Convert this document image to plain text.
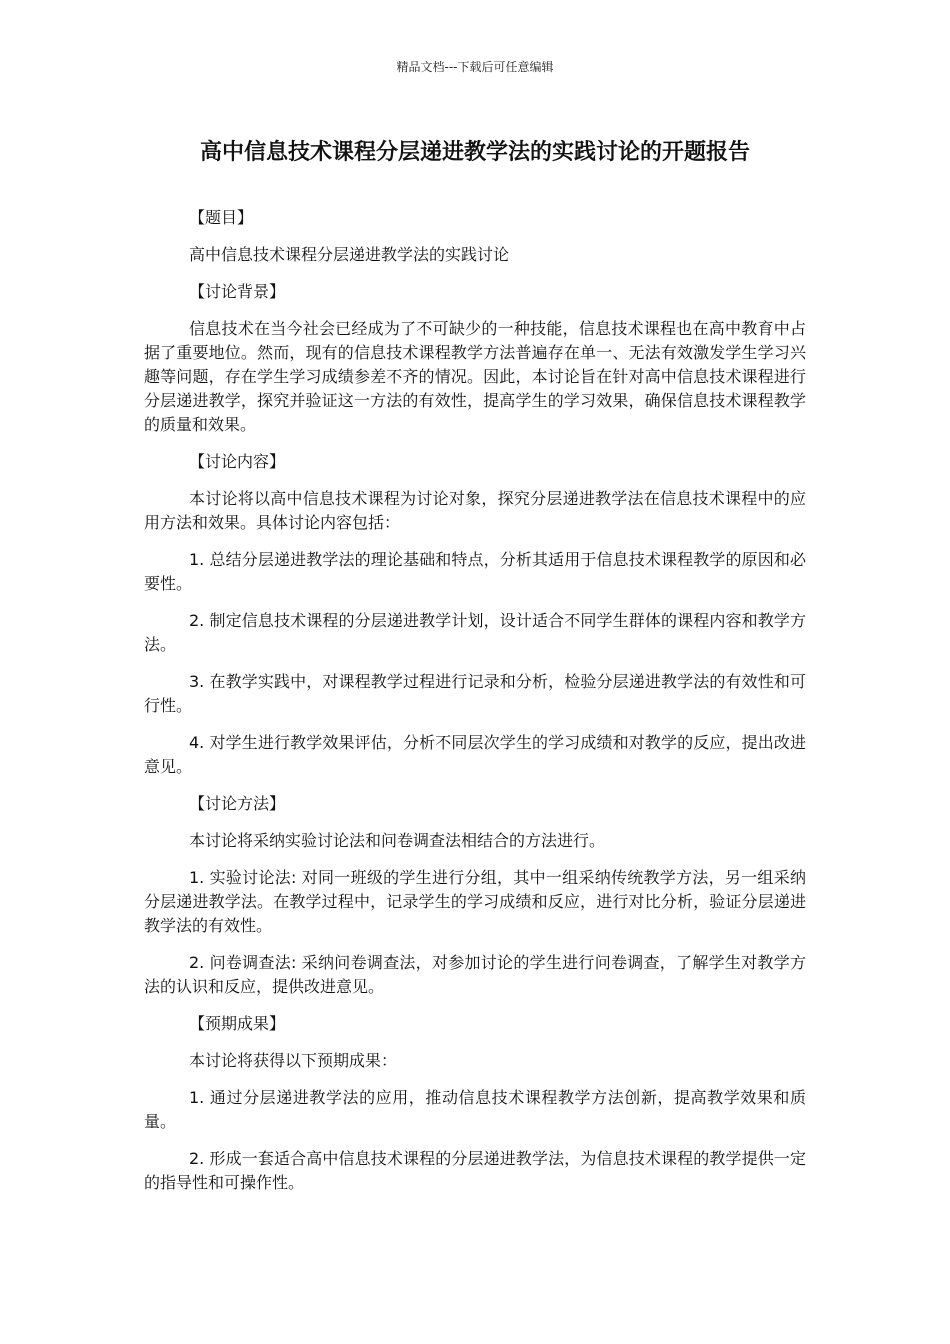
精品文档---下载后可任意编辑
高中信息技术课程分层递进教学法的实践讨论的开题报告

【题目】

高中信息技术课程分层递进教学法的实践讨论

【讨论背景】

信息技术在当今社会已经成为了不可缺少的一种技能，信息技术课程也在高中教育中占据了重要地位。然而，现有的信息技术课程教学方法普遍存在单一、无法有效激发学生学习兴趣等问题，存在学生学习成绩参差不齐的情况。因此，本讨论旨在针对高中信息技术课程进行分层递进教学，探究并验证这一方法的有效性，提高学生的学习效果，确保信息技术课程教学的质量和效果。

【讨论内容】

本讨论将以高中信息技术课程为讨论对象，探究分层递进教学法在信息技术课程中的应用方法和效果。具体讨论内容包括：

1. 总结分层递进教学法的理论基础和特点，分析其适用于信息技术课程教学的原因和必要性。

2. 制定信息技术课程的分层递进教学计划，设计适合不同学生群体的课程内容和教学方法。

3. 在教学实践中，对课程教学过程进行记录和分析，检验分层递进教学法的有效性和可行性。

4. 对学生进行教学效果评估，分析不同层次学生的学习成绩和对教学的反应，提出改进意见。

【讨论方法】

本讨论将采纳实验讨论法和问卷调查法相结合的方法进行。

1. 实验讨论法: 对同一班级的学生进行分组，其中一组采纳传统教学方法，另一组采纳分层递进教学法。在教学过程中，记录学生的学习成绩和反应，进行对比分析，验证分层递进教学法的有效性。

2. 问卷调查法: 采纳问卷调查法，对参加讨论的学生进行问卷调查，了解学生对教学方法的认识和反应，提供改进意见。

【预期成果】

本讨论将获得以下预期成果：

1. 通过分层递进教学法的应用，推动信息技术课程教学方法创新，提高教学效果和质量。

2. 形成一套适合高中信息技术课程的分层递进教学法，为信息技术课程的教学提供一定的指导性和可操作性。
